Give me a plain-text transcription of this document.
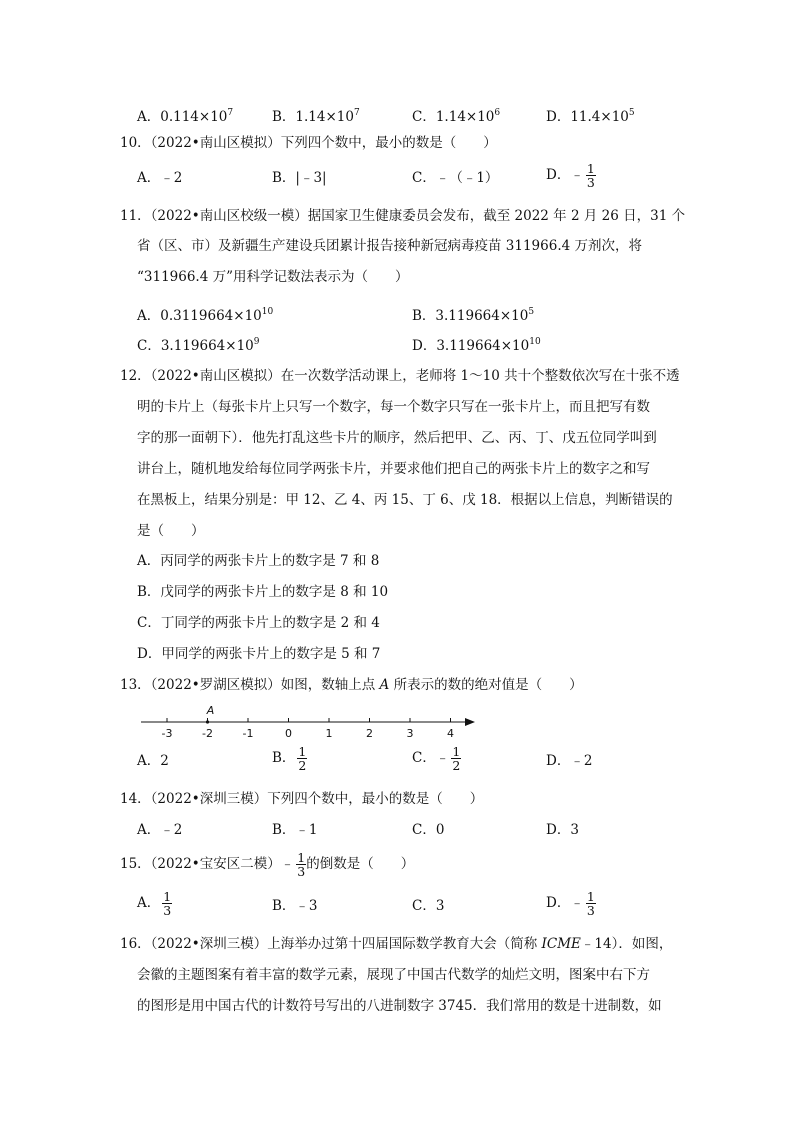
A．$0.114\times 10^7$	B．$1.14\times 10^7$	C．$1.14\times 10^6$	D．$11.4\times 10^5$
10．（2022•南山区模拟）下列四个数中，最小的数是（　　）
A．﹣2	B．|﹣3|	C．﹣（﹣1）	D．﹣ $\frac{1}{3}$
11．（2022•南山区校级一模）据国家卫生健康委员会发布，截至 2022 年 2 月 26 日，31 个
省（区、市）及新疆生产建设兵团累计报告接种新冠病毒疫苗 311966.4 万剂次，将
“311966.4 万”用科学记数法表示为（　　）
A．$0.3119664\times 10^{10}$	B．$3.119664\times 10^5$
C．$3.119664\times 10^9$	D．$3.119664\times 10^{10}$
12．（2022•南山区模拟）在一次数学活动课上，老师将 1～10 共十个整数依次写在十张不透
明的卡片上（每张卡片上只写一个数字，每一个数字只写在一张卡片上，而且把写有数
字的那一面朝下）．他先打乱这些卡片的顺序，然后把甲、乙、丙、丁、戊五位同学叫到
讲台上，随机地发给每位同学两张卡片，并要求他们把自己的两张卡片上的数字之和写
在黑板上，结果分别是：甲 12、乙 4、丙 15、丁 6、戊 18．根据以上信息，判断错误的
是（　　）
A．丙同学的两张卡片上的数字是 7 和 8
B．戊同学的两张卡片上的数字是 8 和 10
C．丁同学的两张卡片上的数字是 2 和 4
D．甲同学的两张卡片上的数字是 5 和 7
13．（2022•罗湖区模拟）如图，数轴上点 A 所表示的数的绝对值是（　　）
-3	-2	-1	0	1	2	3	4
A
A．2	B． $\frac{1}{2}$	C．﹣ $\frac{1}{2}$	D．﹣2
14．（2022•深圳三模）下列四个数中，最小的数是（　　）
A．﹣2	B．﹣1	C．0	D．3
15．（2022•宝安区二模）﹣ $\frac{1}{3}$ 的倒数是（　　）
A． $\frac{1}{3}$	B．﹣3	C．3	D．﹣ $\frac{1}{3}$
16．（2022•深圳三模）上海举办过第十四届国际数学教育大会（简称 ICME﹣14）．如图，
会徽的主题图案有着丰富的数学元素，展现了中国古代数学的灿烂文明，图案中右下方
的图形是用中国古代的计数符号写出的八进制数字 3745．我们常用的数是十进制数，如
